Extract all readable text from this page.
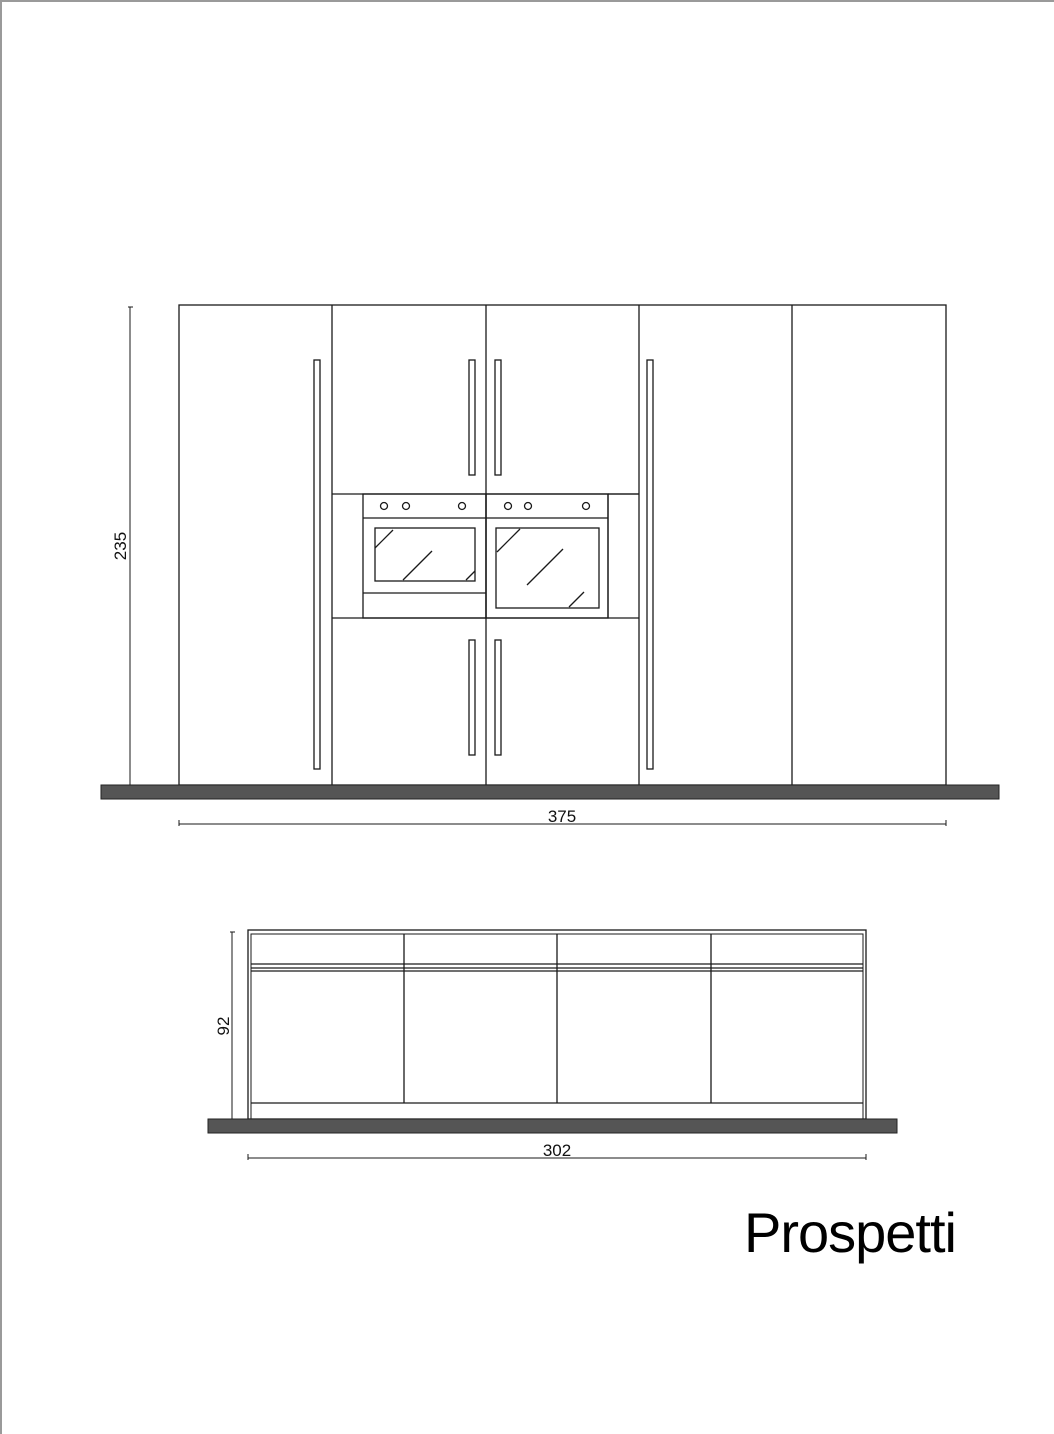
235
375
92
302
Prospetti
